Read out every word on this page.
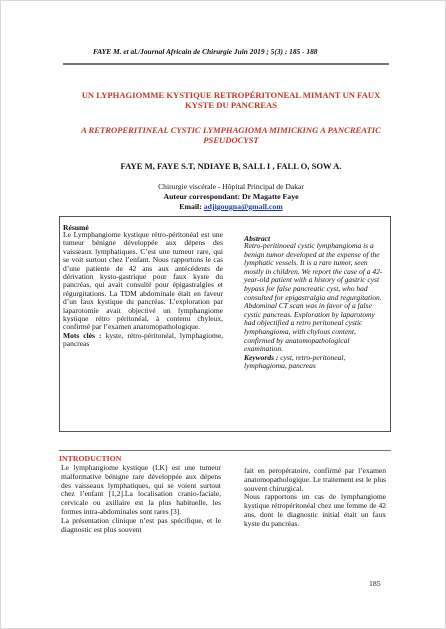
FAYE M. et al./Journal Africain de Chirurgie Juin 2019 ; 5(3) : 185 - 188
UN LYPHAGIOMME KYSTIQUE RETROPÉRITONEAL MIMANT UN FAUX KYSTE DU PANCREAS
A RETROPERITINEAL CYSTIC LYMPHAGIOMA MIMICKING A PANCREATIC PSEUDOCYST
FAYE M, FAYE S.T, NDIAYE B, SALL I , FALL O, SOW A.
Chirurgie viscérale - Hôpital Principal de Dakar
Auteur correspondant: Dr Magatte Faye
Email: adjigougna@gmail.com
Résumé

Le Lymphangiome kystique rétro-péritonéal est une tumeur bénigne développée aux dépens des vaisseaux lymphatiques. C’est une tumeur rare, qui se voit surtout chez l’enfant. Nous rapportons le cas d’une patiente de 42 ans aux antécédents de dérivation kysto-gastrique pour faux kyste du pancréas, qui avait consulté pour épigastralgies et régurgitations. La TDM abdominale était en faveur d’un faux kystique du pancréas. L’exploration par laparotomie avait objectivé un lymphangiome kystique rétro péritonéal, à contenu chyleux, confirmé par l’examen anatomopathologique.

Mots clés : kyste, rétro-péritonéal, lymphagiome, pancreas

Abstract

Retro-peritinoeal cystic lymphangioma is a benign tumor developed at the expense of the lymphatic vessels. It is a rare tumor, seen mostly in children. We report the case of a 42-year-old patient with a history of gastric cyst bypass for false pancreatic cyst, who had consulted for epigastralgia and regurgitation. Abdominal CT scan was in favor of a false cystic pancreas. Exploration by laparotomy had objectified a retro peritoneal cystic lymphangioma, with chylous content, confirmed by anatomopathological examination.

Keywords : cyst, retro-peritoneal, lymphagioma, pancreas

INTRODUCTION

Le lymphangiome kystique (LK) est une tumeur malformative bénigne rare développée aux dépens des vaisseaux lymphatiques, qui se voient surtout chez l’enfant [1,2].La localisation cranio-faciale, cervicale ou axillaire est la plus habituelle, les formes intra-abdominales sont rares [3].

La présentation clinique n’est pas spécifique, et le diagnostic est plus souvent

fait en peropératoire, confirmé par l’examen anatomopathologique. Le traitement est le plus souvent chirurgical.

Nous rapportons un cas de lymphangiome kystique rétropéritonéal chez une femme de 42 ans, dont le diagnostic initial était un faux kyste du pancréas.

185
